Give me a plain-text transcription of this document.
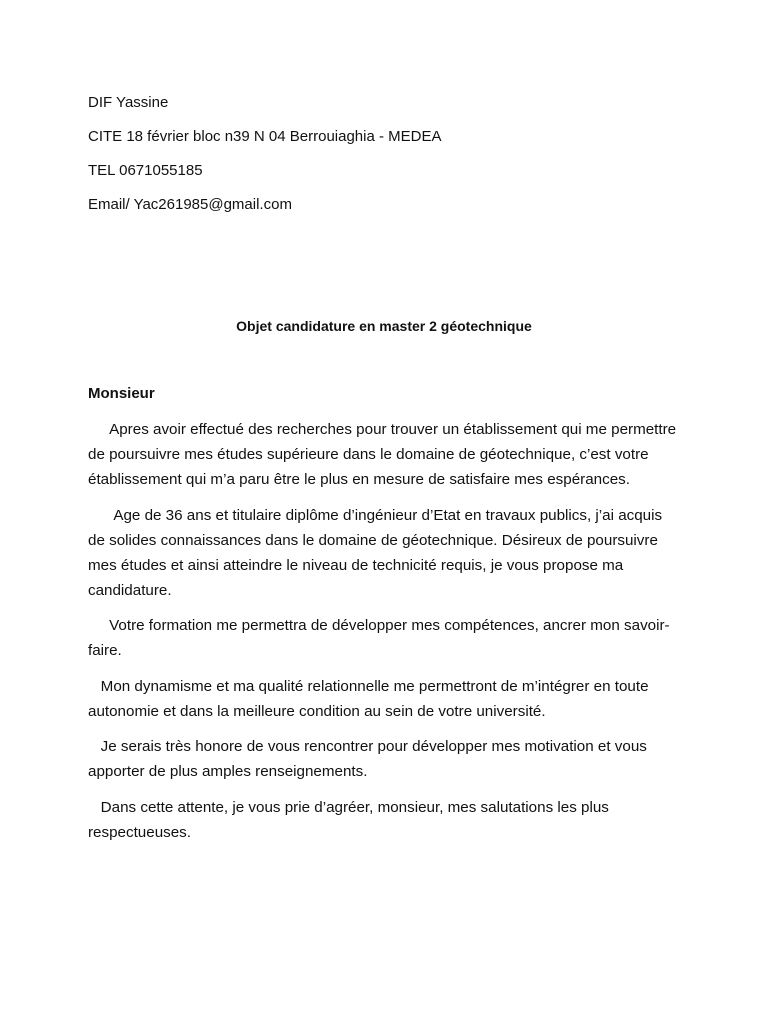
DIF Yassine
CITE 18 février bloc n39 N 04 Berrouiaghia - MEDEA
TEL 0671055185
Email/ Yac261985@gmail.com
Objet candidature en master 2 géotechnique
Monsieur

Apres avoir effectué des recherches pour trouver un établissement qui me permettre de poursuivre mes études supérieure dans le domaine de géotechnique, c’est votre établissement qui m’a paru être le plus en mesure de satisfaire mes espérances.

Age de 36 ans et titulaire diplôme d’ingénieur d’Etat en travaux publics, j’ai acquis de solides connaissances dans le domaine de géotechnique. Désireux de poursuivre mes études et ainsi atteindre le niveau de technicité requis, je vous propose ma candidature.

Votre formation me permettra de développer mes compétences, ancrer mon savoir-faire.

Mon dynamisme et ma qualité relationnelle me permettront de m’intégrer en toute autonomie et dans la meilleure condition au sein de votre université.

Je serais très honore de vous rencontrer pour développer mes motivation et vous apporter de plus amples renseignements.

Dans cette attente, je vous prie d’agréer, monsieur, mes salutations les plus respectueuses.
